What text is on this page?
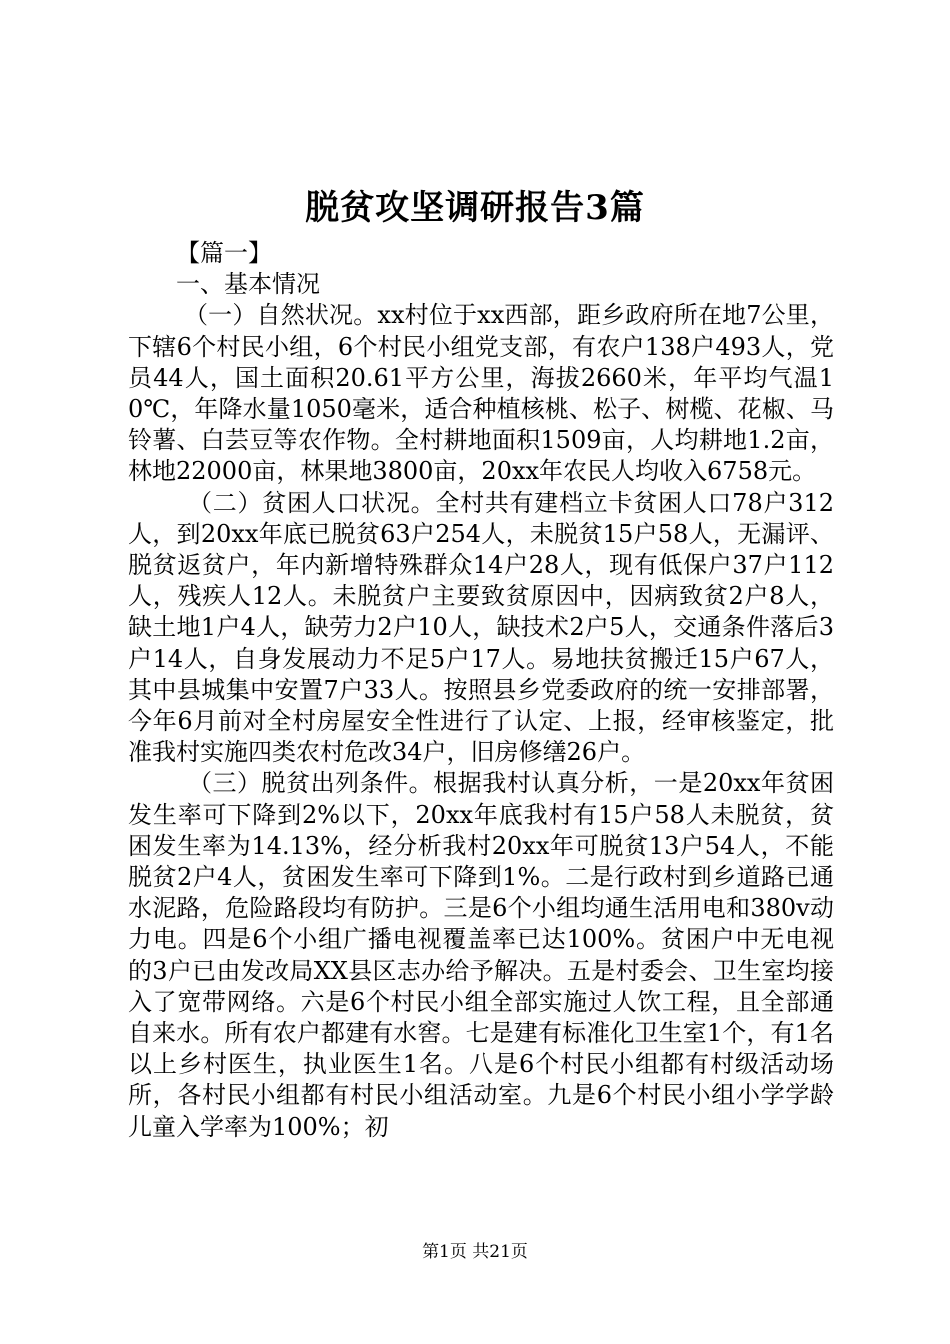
脱贫攻坚调研报告3篇

【篇一】

一、基本情况

（一）自然状况。xx村位于xx西部，距乡政府所在地7公里，下辖6个村民小组，6个村民小组党支部，有农户138户493人，党员44人，国土面积20.61平方公里，海拔2660米，年平均气温10℃，年降水量1050毫米，适合种植核桃、松子、树榄、花椒、马铃薯、白芸豆等农作物。全村耕地面积1509亩，人均耕地1.2亩，林地22000亩，林果地3800亩，20xx年农民人均收入6758元。

（二）贫困人口状况。全村共有建档立卡贫困人口78户312人，到20xx年底已脱贫63户254人，未脱贫15户58人，无漏评、脱贫返贫户，年内新增特殊群众14户28人，现有低保户37户112人，残疾人12人。未脱贫户主要致贫原因中，因病致贫2户8人，缺土地1户4人，缺劳力2户10人，缺技术2户5人，交通条件落后3户14人，自身发展动力不足5户17人。易地扶贫搬迁15户67人，其中县城集中安置7户33人。按照县乡党委政府的统一安排部署，今年6月前对全村房屋安全性进行了认定、上报，经审核鉴定，批准我村实施四类农村危改34户，旧房修缮26户。

（三）脱贫出列条件。根据我村认真分析，一是20xx年贫困发生率可下降到2%以下，20xx年底我村有15户58人未脱贫，贫困发生率为14.13%，经分析我村20xx年可脱贫13户54人，不能脱贫2户4人，贫困发生率可下降到1%。二是行政村到乡道路已通水泥路，危险路段均有防护。三是6个小组均通生活用电和380v动力电。四是6个小组广播电视覆盖率已达100%。贫困户中无电视的3户已由发改局XX县区志办给予解决。五是村委会、卫生室均接入了宽带网络。六是6个村民小组全部实施过人饮工程，且全部通自来水。所有农户都建有水窖。七是建有标准化卫生室1个，有1名以上乡村医生，执业医生1名。八是6个村民小组都有村级活动场所，各村民小组都有村民小组活动室。九是6个村民小组小学学龄儿童入学率为100%；初

第1页 共21页
